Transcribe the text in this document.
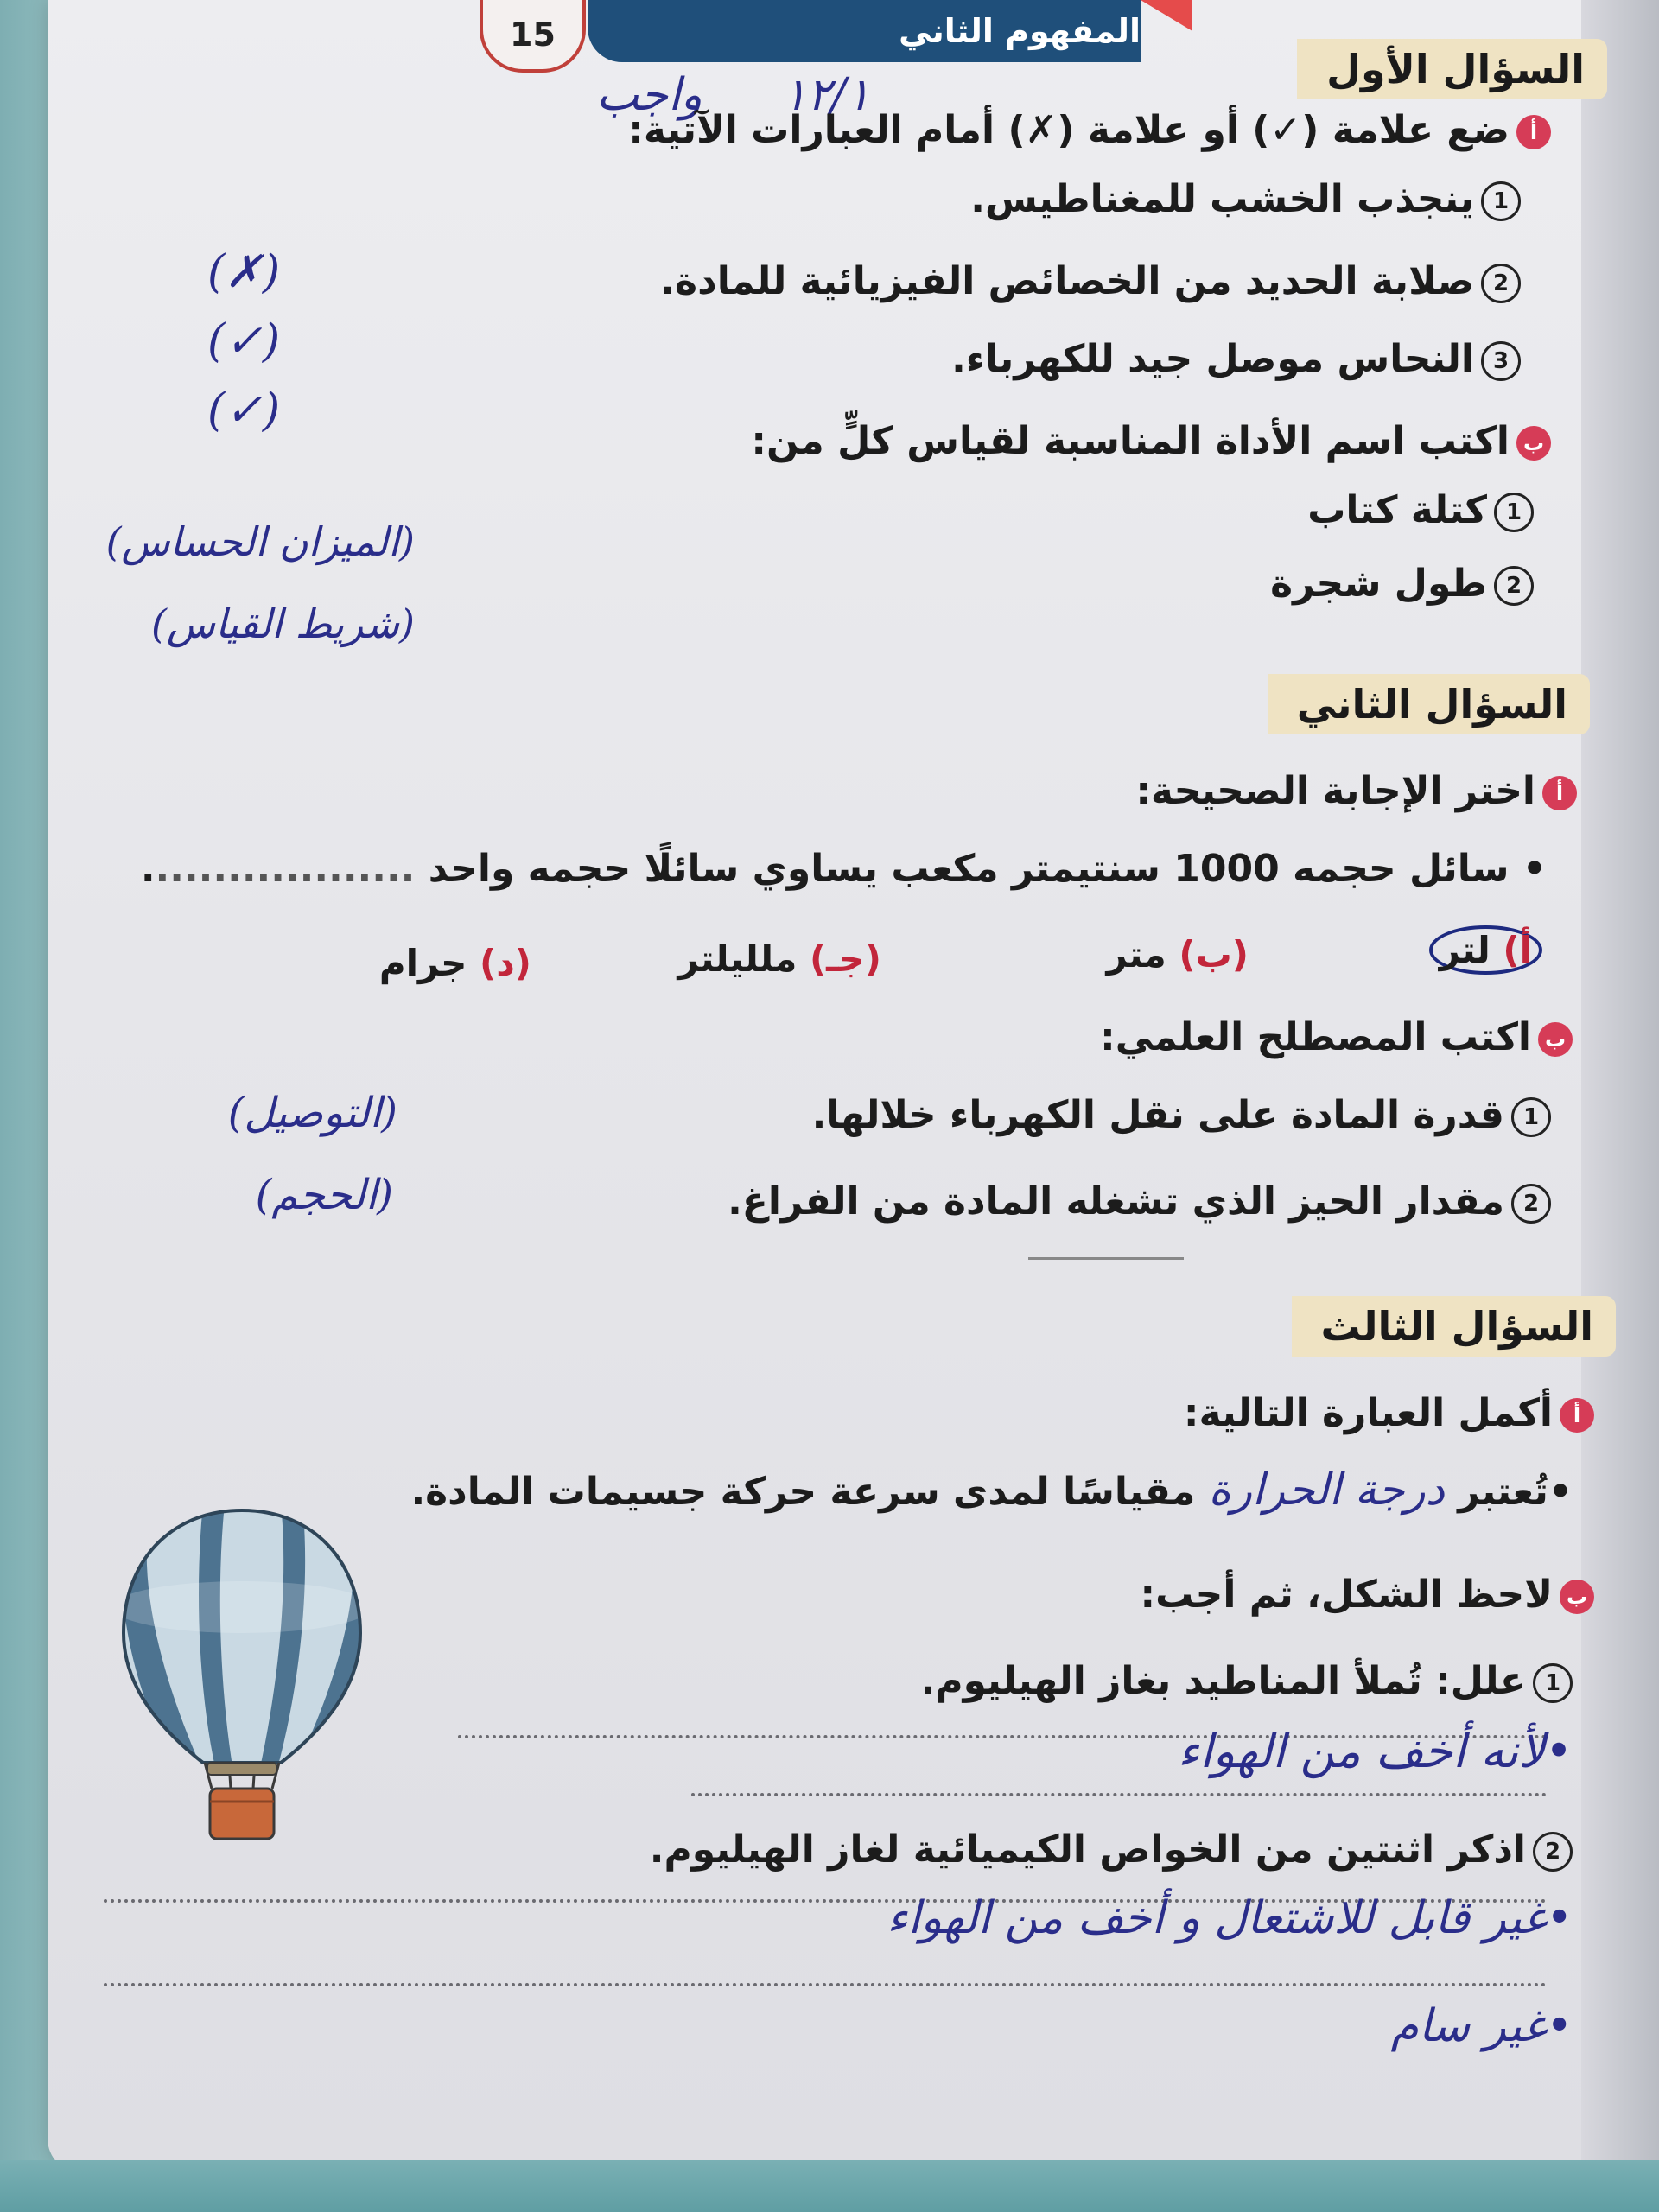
15	المفهوم الثاني
١٢/١  واجب	السؤال الأول
أضع علامة (✓) أو علامة (✗) أمام العبارات الآتية:
1ينجذب الخشب للمغناطيس.
2صلابة الحديد من الخصائص الفيزيائية للمادة.
3النحاس موصل جيد للكهرباء.
(✗)
(✓)
(✓)
باكتب اسم الأداة المناسبة لقياس كلٍّ من:
1كتلة كتاب
2طول شجرة
(الميزان الحساس)
(شريط القياس)
السؤال الثاني
أاختر الإجابة الصحيحة:
• سائل حجمه 1000 سنتيمتر مكعب يساوي سائلًا حجمه واحد ...................
أ) لتر
(ب) متر
(جـ) ملليلتر
(د) جرام
باكتب المصطلح العلمي:
1قدرة المادة على نقل الكهرباء خلالها.
2مقدار الحيز الذي تشغله المادة من الفراغ.
(التوصيل)
(الحجم)
السؤال الثالث
أأكمل العبارة التالية:
•تُعتبر درجة الحرارة مقياسًا لمدى سرعة حركة جسيمات المادة.
بلاحظ الشكل، ثم أجب:
1علل: تُملأ المناطيد بغاز الهيليوم.
•لأنه أخف من الهواء
2اذكر اثنتين من الخواص الكيميائية لغاز الهيليوم.
•غير قابل للاشتعال و أخف من الهواء
•غير سام
